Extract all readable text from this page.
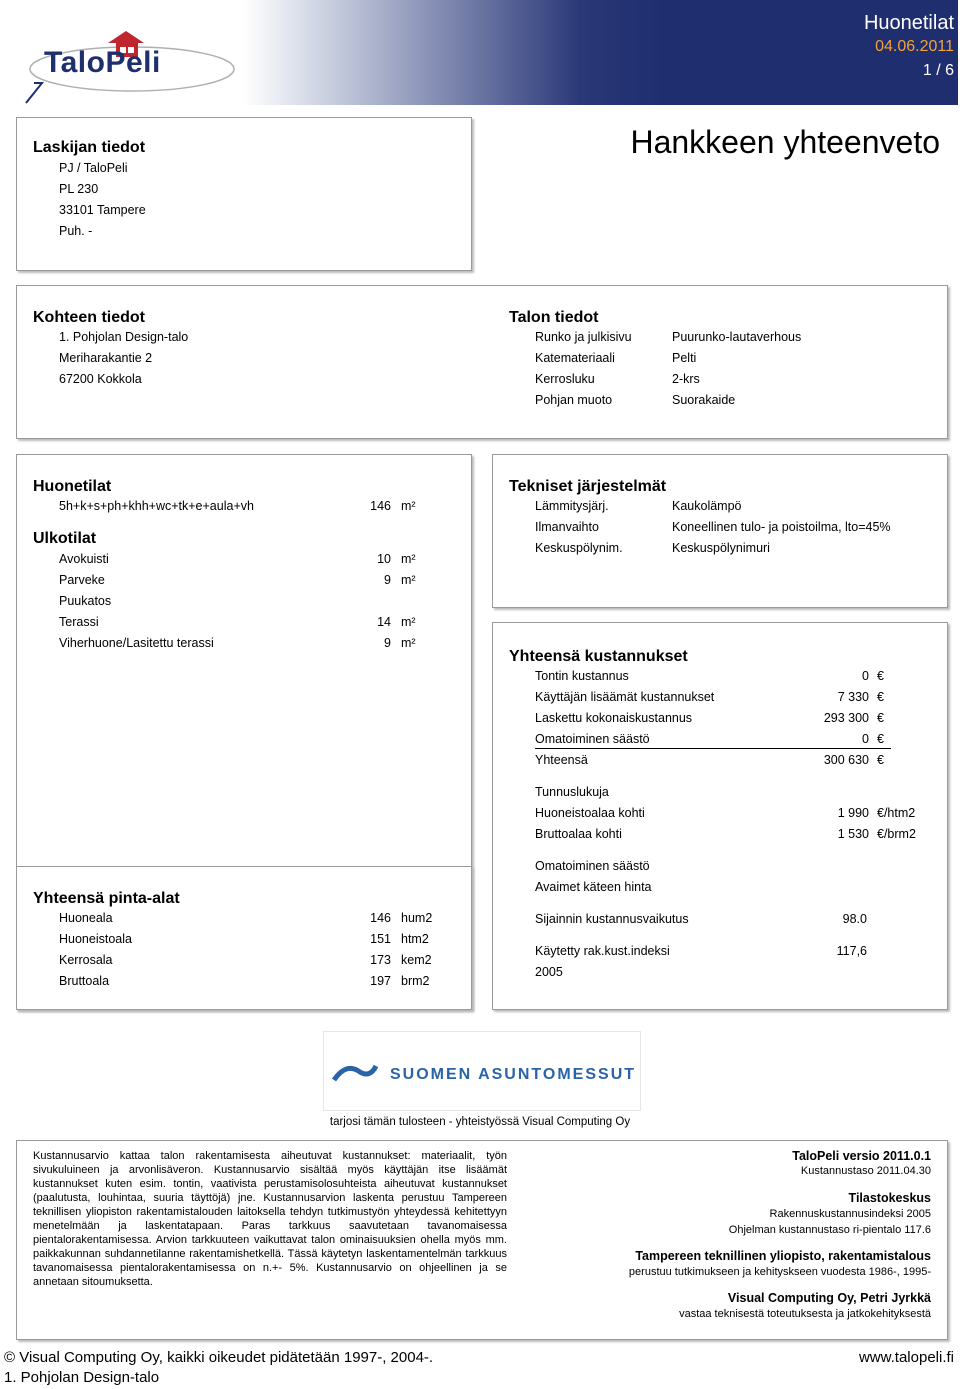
TaloPeli
Huonetilat
04.06.2011
1 / 6
Laskijan tiedot
PJ / TaloPeli
PL 230
33101 Tampere
Puh. -
Hankkeen yhteenveto
Kohteen tiedot
1. Pohjolan Design-talo
Meriharakantie 2
67200 Kokkola
Talon tiedot
Runko ja julkisivu	Puurunko-lautaverhous
Katemateriaali	Pelti
Kerrosluku	2-krs
Pohjan muoto	Suorakaide
Huonetilat
5h+k+s+ph+khh+wc+tk+e+aula+vh	146 m²
Ulkotilat
Avokuisti	10 m²
Parveke	9 m²
Puukatos
Terassi	14 m²
Viherhuone/Lasitettu terassi	9 m²
Yhteensä pinta-alat
Huoneala	146 hum2
Huoneistoala	151 htm2
Kerrosala	173 kem2
Bruttoala	197 brm2
Tekniset järjestelmät
Lämmitysjärj.	Kaukolämpö
Ilmanvaihto	Koneellinen tulo- ja poistoilma, lto=45%
Keskuspölynim.	Keskuspölynimuri
Yhteensä kustannukset
Tontin kustannus	0 €
Käyttäjän lisäämät kustannukset	7 330 €
Laskettu kokonaiskustannus	293 300 €
Omatoiminen säästö	0 €
Yhteensä	300 630 €
Tunnuslukuja
Huoneistoalaa kohti	1 990 €/htm2
Bruttoalaa kohti	1 530 €/brm2
Omatoiminen säästö
Avaimet käteen hinta
Sijainnin kustannusvaikutus	98.0
Käytetty rak.kust.indeksi	117,6
2005
SUOMEN ASUNTOMESSUT
tarjosi tämän tulosteen - yhteistyössä Visual Computing Oy
Kustannusarvio kattaa talon rakentamisesta aiheutuvat kustannukset: materiaalit, työn sivukuluineen ja arvonlisäveron. Kustannusarvio sisältää myös käyttäjän itse lisäämät kustannukset kuten esim. tontin, vaativista perustamisolosuhteista aiheutuvat kustannukset (paalutusta, louhintaa, suuria täyttöjä) jne. Kustannusarvion laskenta perustuu Tampereen teknillisen yliopiston rakentamistalouden laitoksella tehdyn tutkimustyön yhteydessä kehitettyyn menetelmään ja laskentatapaan. Paras tarkkuus saavutetaan tavanomaisessa pientalorakentamisessa. Arvion tarkkuuteen vaikuttavat talon ominaisuuksien ohella myös mm. paikkakunnan suhdannetilanne rakentamishetkellä. Tässä käytetyn laskentamentelmän tarkkuus tavanomaisessa pientalorakentamisessa on n.+- 5%. Kustannusarvio on ohjeellinen ja se annetaan sitoumuksetta.
TaloPeli versio 2011.0.1
Kustannustaso 2011.04.30
Tilastokeskus
Rakennuskustannusindeksi 2005
Ohjelman kustannustaso ri-pientalo 117.6
Tampereen teknillinen yliopisto, rakentamistalous
perustuu tutkimukseen ja kehityskseen vuodesta 1986-, 1995-
Visual Computing Oy, Petri Jyrkkä
vastaa teknisestä toteutuksesta ja jatkokehityksestä
© Visual Computing Oy, kaikki oikeudet pidätetään 1997-, 2004-.	www.talopeli.fi
1. Pohjolan Design-talo
